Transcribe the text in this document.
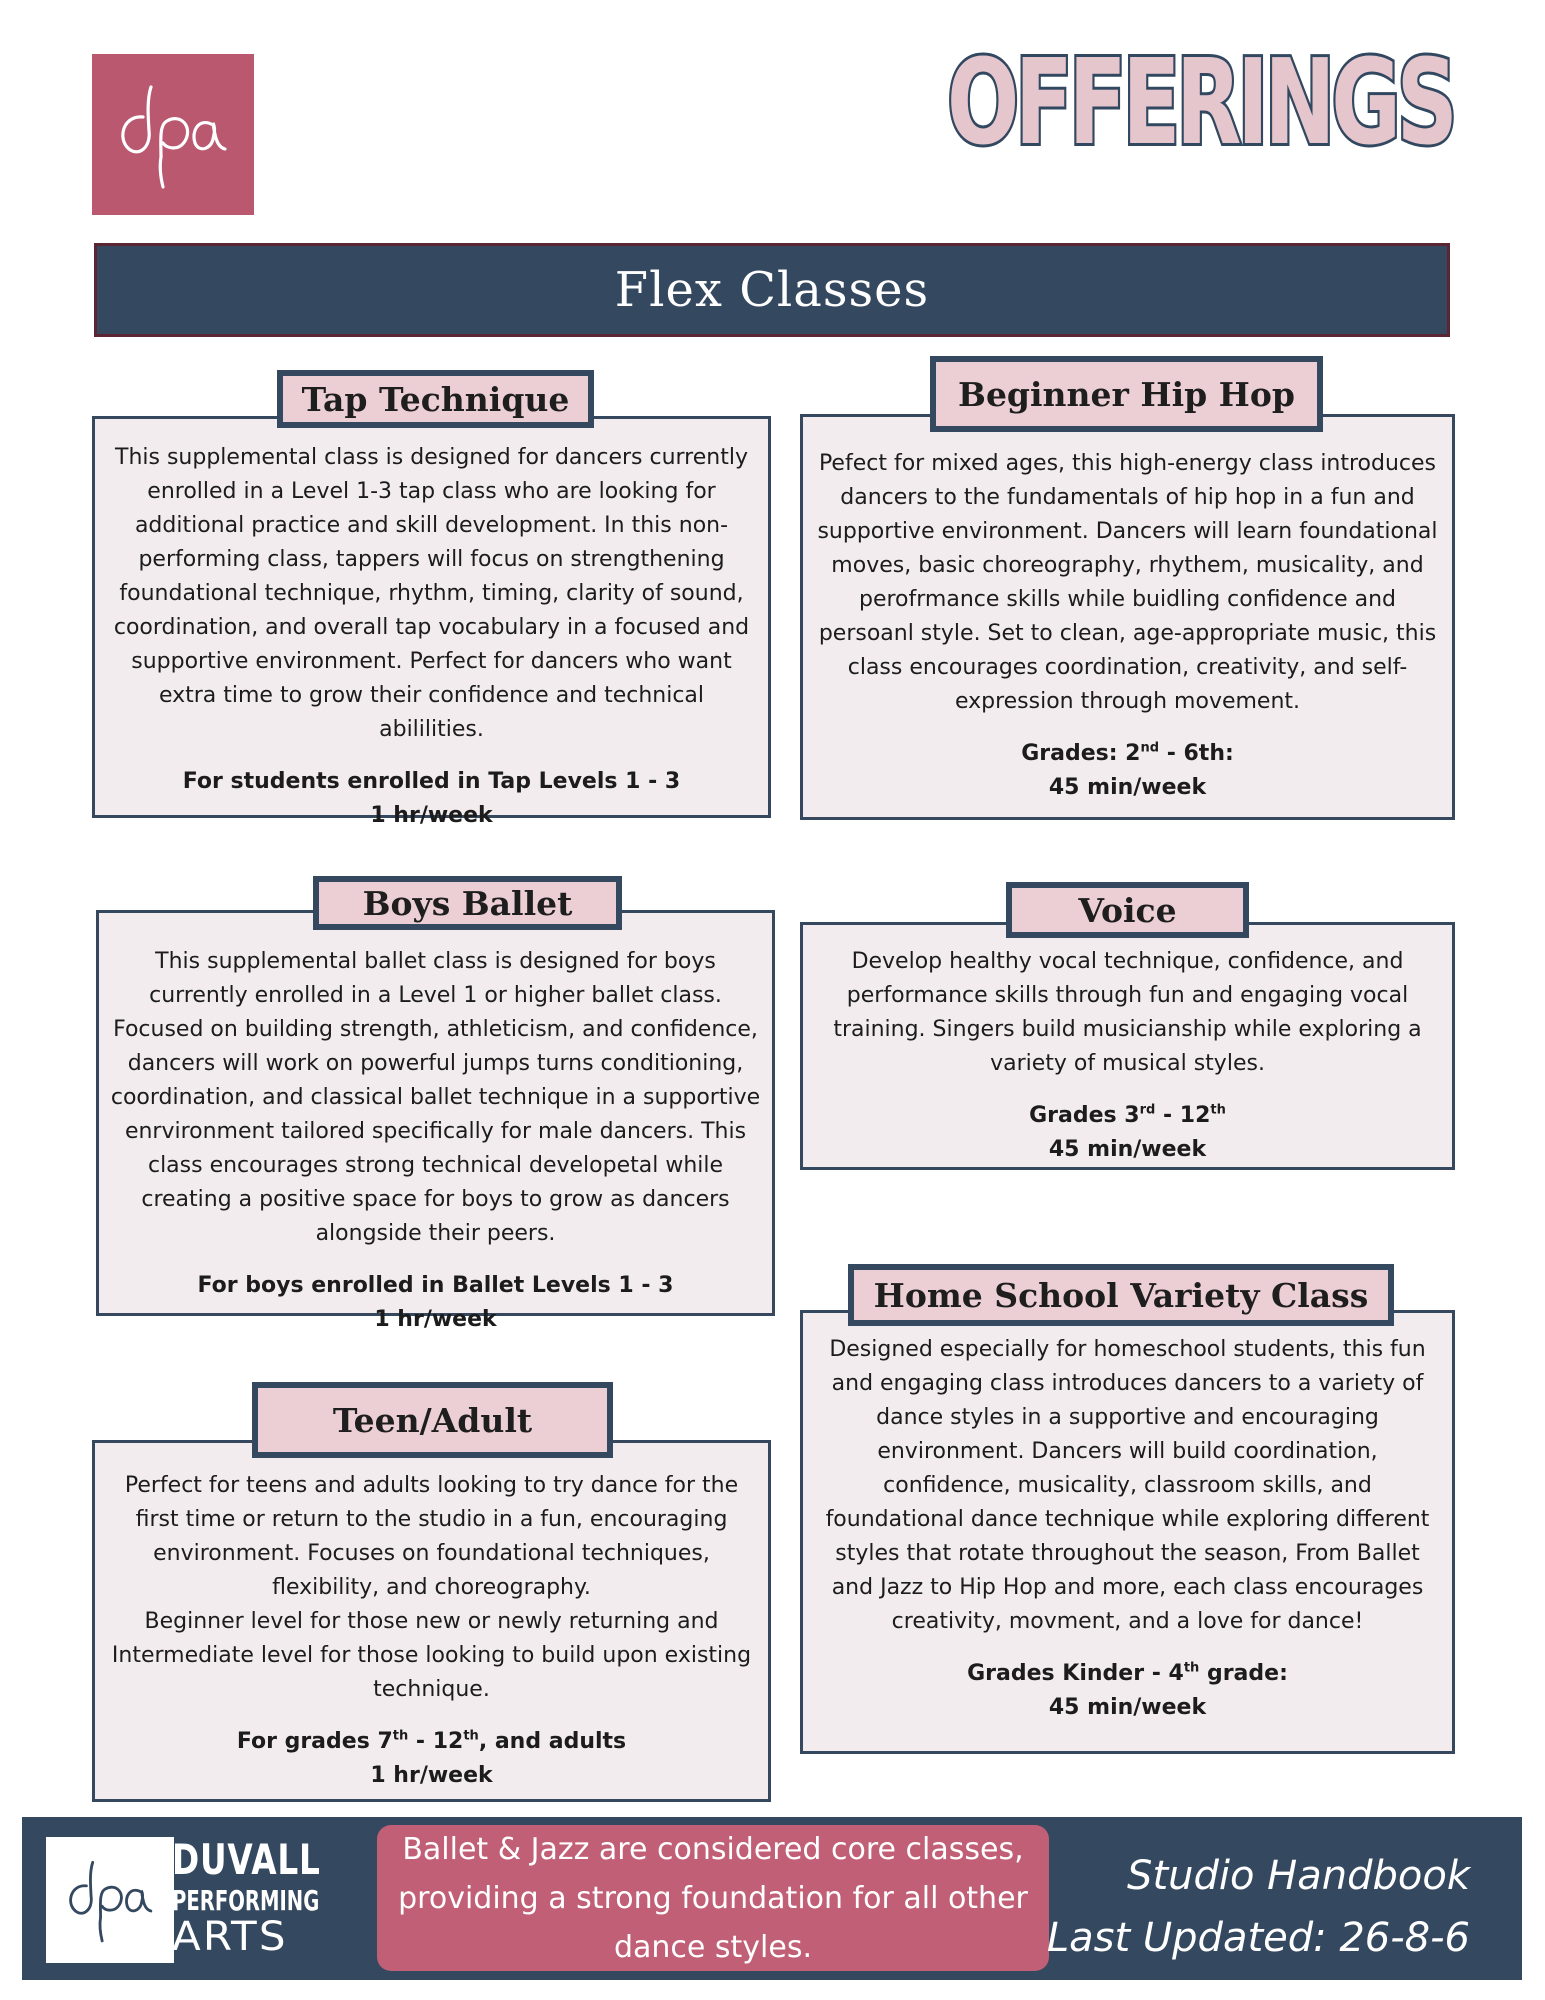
OFFERINGS
Flex Classes

This supplemental class is designed for dancers currently enrolled in a Level 1-3 tap class who are looking for additional practice and skill development. In this non-performing class, tappers will focus on strengthening foundational technique, rhythm, timing, clarity of sound, coordination, and overall tap vocabulary in a focused and supportive environment. Perfect for dancers who want extra time to grow their confidence and technical abililities.

For students enrolled in Tap Levels 1 - 3

1 hr/week

Tap Technique

Pefect for mixed ages, this high-energy class introduces dancers to the fundamentals of hip hop in a fun and supportive environment. Dancers will learn foundational moves, basic choreography, rhythem, musicality, and perofrmance skills while buidling confidence and persoanl style. Set to clean, age-appropriate music, this class encourages coordination, creativity, and self-expression through movement.

Grades: 2nd - 6th:

45 min/week

Beginner Hip Hop

This supplemental ballet class is designed for boys currently enrolled in a Level 1 or higher ballet class. Focused on building strength, athleticism, and confidence, dancers will work on powerful jumps turns conditioning, coordination, and classical ballet technique in a supportive enrvironment tailored specifically for male dancers. This class encourages strong technical developetal while creating a positive space for boys to grow as dancers alongside their peers.

For boys enrolled in Ballet Levels 1 - 3

1 hr/week

Boys Ballet

Develop healthy vocal technique, confidence, and performance skills through fun and engaging vocal training. Singers build musicianship while exploring a variety of musical styles.

Grades 3rd - 12th

45 min/week

Voice

Designed especially for homeschool students, this fun and engaging class introduces dancers to a variety of dance styles in a supportive and encouraging environment. Dancers will build coordination, confidence, musicality, classroom skills, and foundational dance technique while exploring different styles that rotate throughout the season, From Ballet and Jazz to Hip Hop and more, each class encourages creativity, movment, and a love for dance!

Grades Kinder - 4th grade:

45 min/week

Home School Variety Class

Perfect for teens and adults looking to try dance for the first time or return to the studio in a fun, encouraging environment. Focuses on foundational techniques, flexibility, and choreography.

Beginner level for those new or newly returning and Intermediate level for those looking to build upon existing technique.

For grades 7th - 12th, and adults

1 hr/week

Teen/Adult
DUVALL
PERFORMING
ARTS
Ballet & Jazz are considered core classes,
providing a strong foundation for all other
dance styles.
Studio Handbook
Last Updated: 26-8-6
